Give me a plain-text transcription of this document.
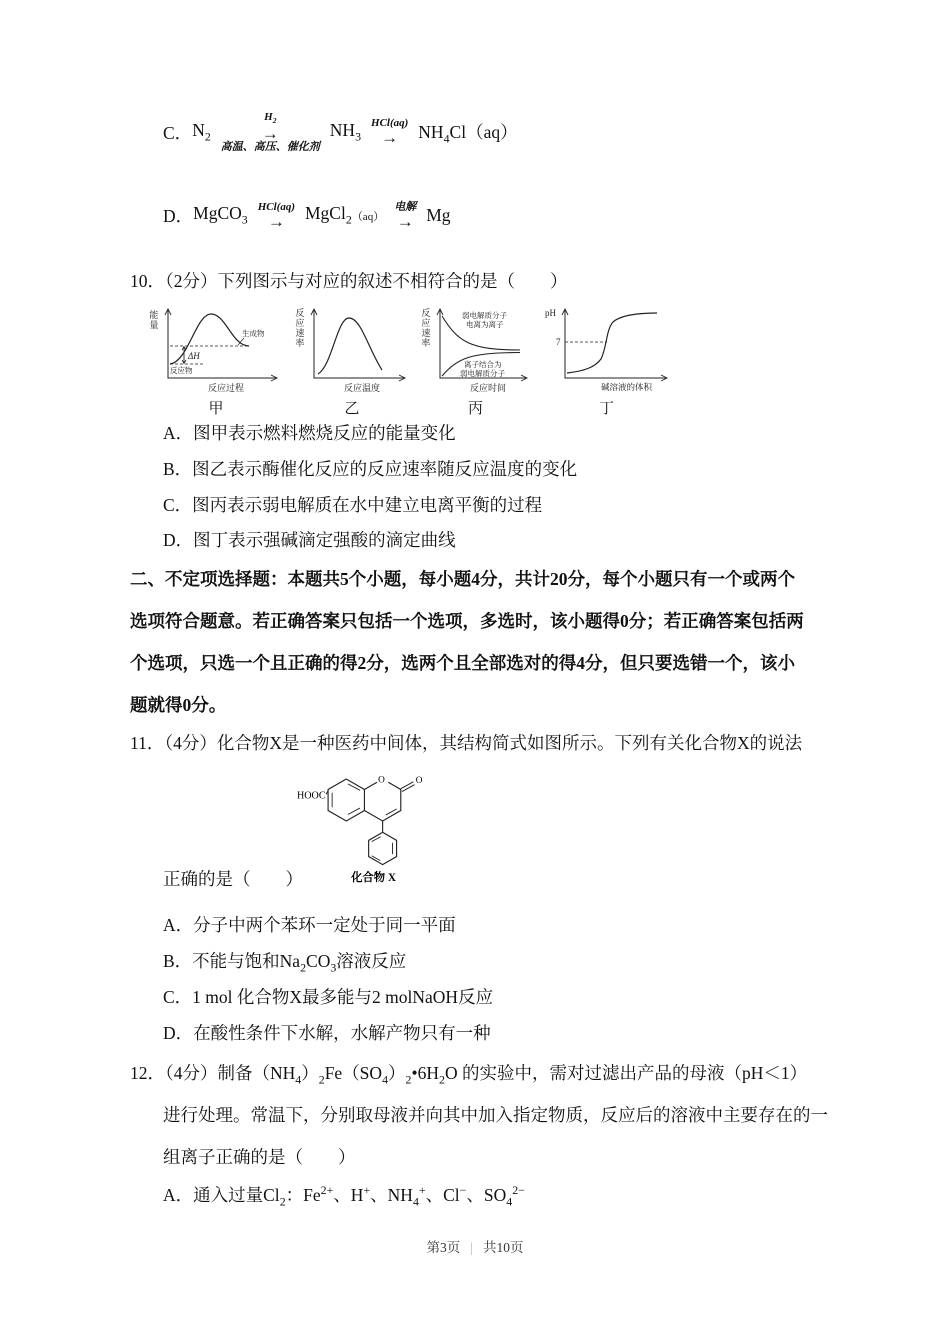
C． $N_2$
$H_2$
→
高温、高压、催化剂
$NH_3$
HCl(aq)
→ $NH_4Cl(aq)$
D． MgCO$_3$
HCl(aq)
→ MgCl$_2$ （aq）
电解
→ Mg
10．（2分）下列图示与对应的叙述不相符合的是（　　）
能量
反应过程
ΔH
生成物
反应物
甲
反应速率
反应温度
乙
反应速率	弱电解质分子
电离为离子
离子结合为
弱电解质分子
反应时间
丙
pH
7
碱溶液的体积
丁
A．图甲表示燃料燃烧反应的能量变化
B．图乙表示酶催化反应的反应速率随反应温度的变化
C．图丙表示弱电解质在水中建立电离平衡的过程
D．图丁表示强碱滴定强酸的滴定曲线
二、不定项选择题：本题共5个小题，每小题4分，共计20分，每个小题只有一个或两个
选项符合题意。若正确答案只包括一个选项，多选时，该小题得0分；若正确答案包括两
个选项，只选一个且正确的得2分，选两个且全部选对的得4分，但只要选错一个，该小
题就得0分。
11．（4分）化合物X是一种医药中间体，其结构简式如图所示。下列有关化合物X的说法
HOOC
O	O
化合物 X
正确的是（　　）
A．分子中两个苯环一定处于同一平面
B．不能与饱和$Na_2CO_3$溶液反应
C．1 mol 化合物X最多能与2 molNaOH反应
D．在酸性条件下水解，水解产物只有一种
12．（4分）制备$(NH_4)_2Fe(SO_4)_2•6H_2O$ 的实验中，需对过滤出产品的母液（pH＜1）
进行处理。常温下，分别取母液并向其中加入指定物质，反应后的溶液中主要存在的一
组离子正确的是（　　）
A．通入过量$Cl_2$：$Fe^{2+}$、H+、$NH_4^+$、Cl−、$SO_4^{2-}$
第3页 | 共10页
